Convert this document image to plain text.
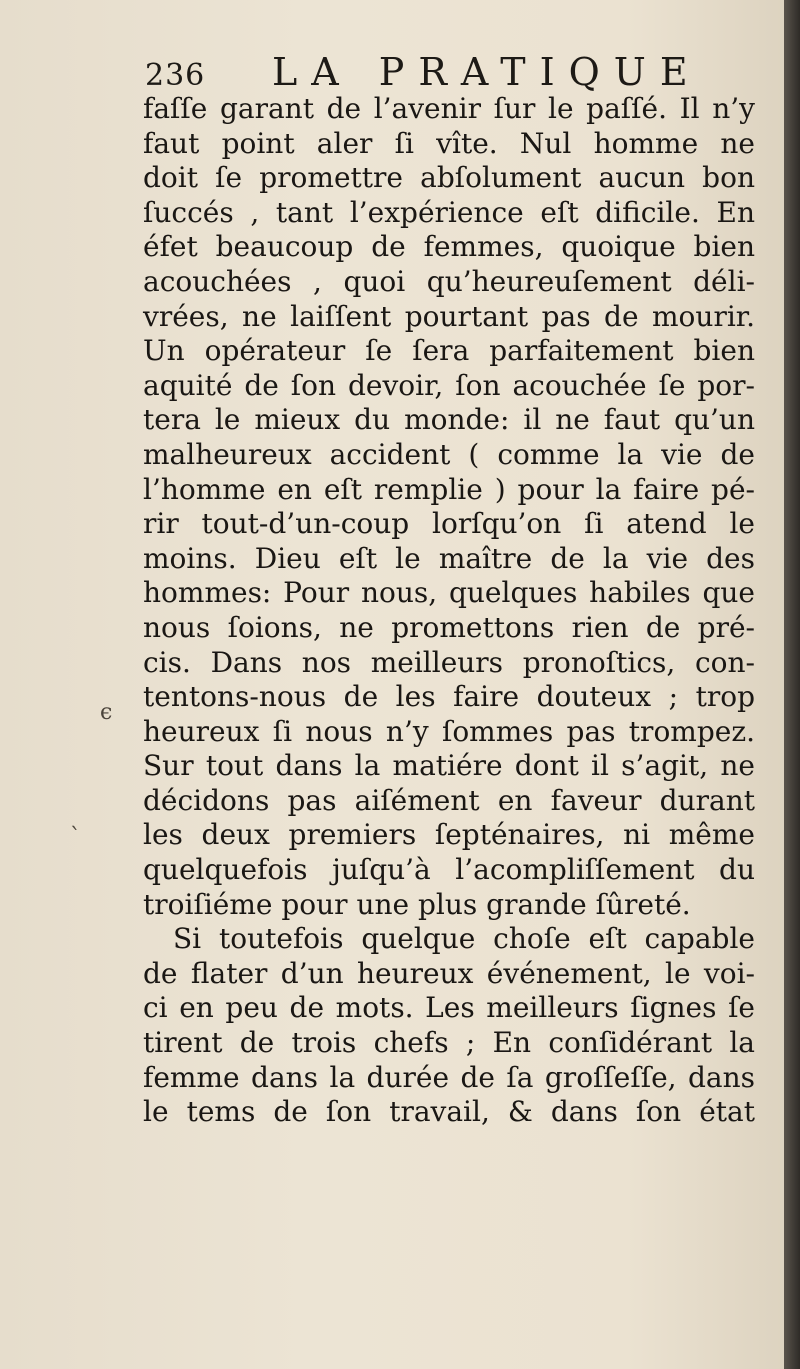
236 LA PRATIQUE
faſſe garant de l’avenir ſur le paſſé. Il n’y
faut point aler ſi vîte. Nul homme ne
doit ſe promettre abſolument aucun bon
ſuccés , tant l’expérience eſt dificile. En
éfet beaucoup de femmes, quoique bien
acouchées , quoi qu’heureuſement déli-
vrées, ne laiſſent pourtant pas de mourir.
Un opérateur ſe ſera parfaitement bien
aquité de ſon devoir, ſon acouchée ſe por-
tera le mieux du monde: il ne faut qu’un
malheureux accident ( comme la vie de
l’homme en eſt remplie ) pour la faire pé-
rir tout-d’un-coup lorſqu’on ſi atend le
moins. Dieu eſt le maître de la vie des
hommes: Pour nous, quelques habiles que
nous ſoions, ne promettons rien de pré-
cis. Dans nos meilleurs pronoſtics, con-
tentons-nous de les faire douteux ; trop
heureux ſi nous n’y ſommes pas trompez.
Sur tout dans la matiére dont il s’agit, ne
décidons pas aiſément en faveur durant
les deux premiers ſepténaires, ni même
quelquefois juſqu’à l’acompliſſement du
troiſiéme pour une plus grande ſûreté.
Si toutefois quelque choſe eſt capable
de flater d’un heureux événement, le voi-
ci en peu de mots. Les meilleurs ſignes ſe
tirent de trois chefs ; En conſidérant la
femme dans la durée de ſa groſſeſſe, dans
le tems de ſon travail, & dans ſon état
ϵ
`
